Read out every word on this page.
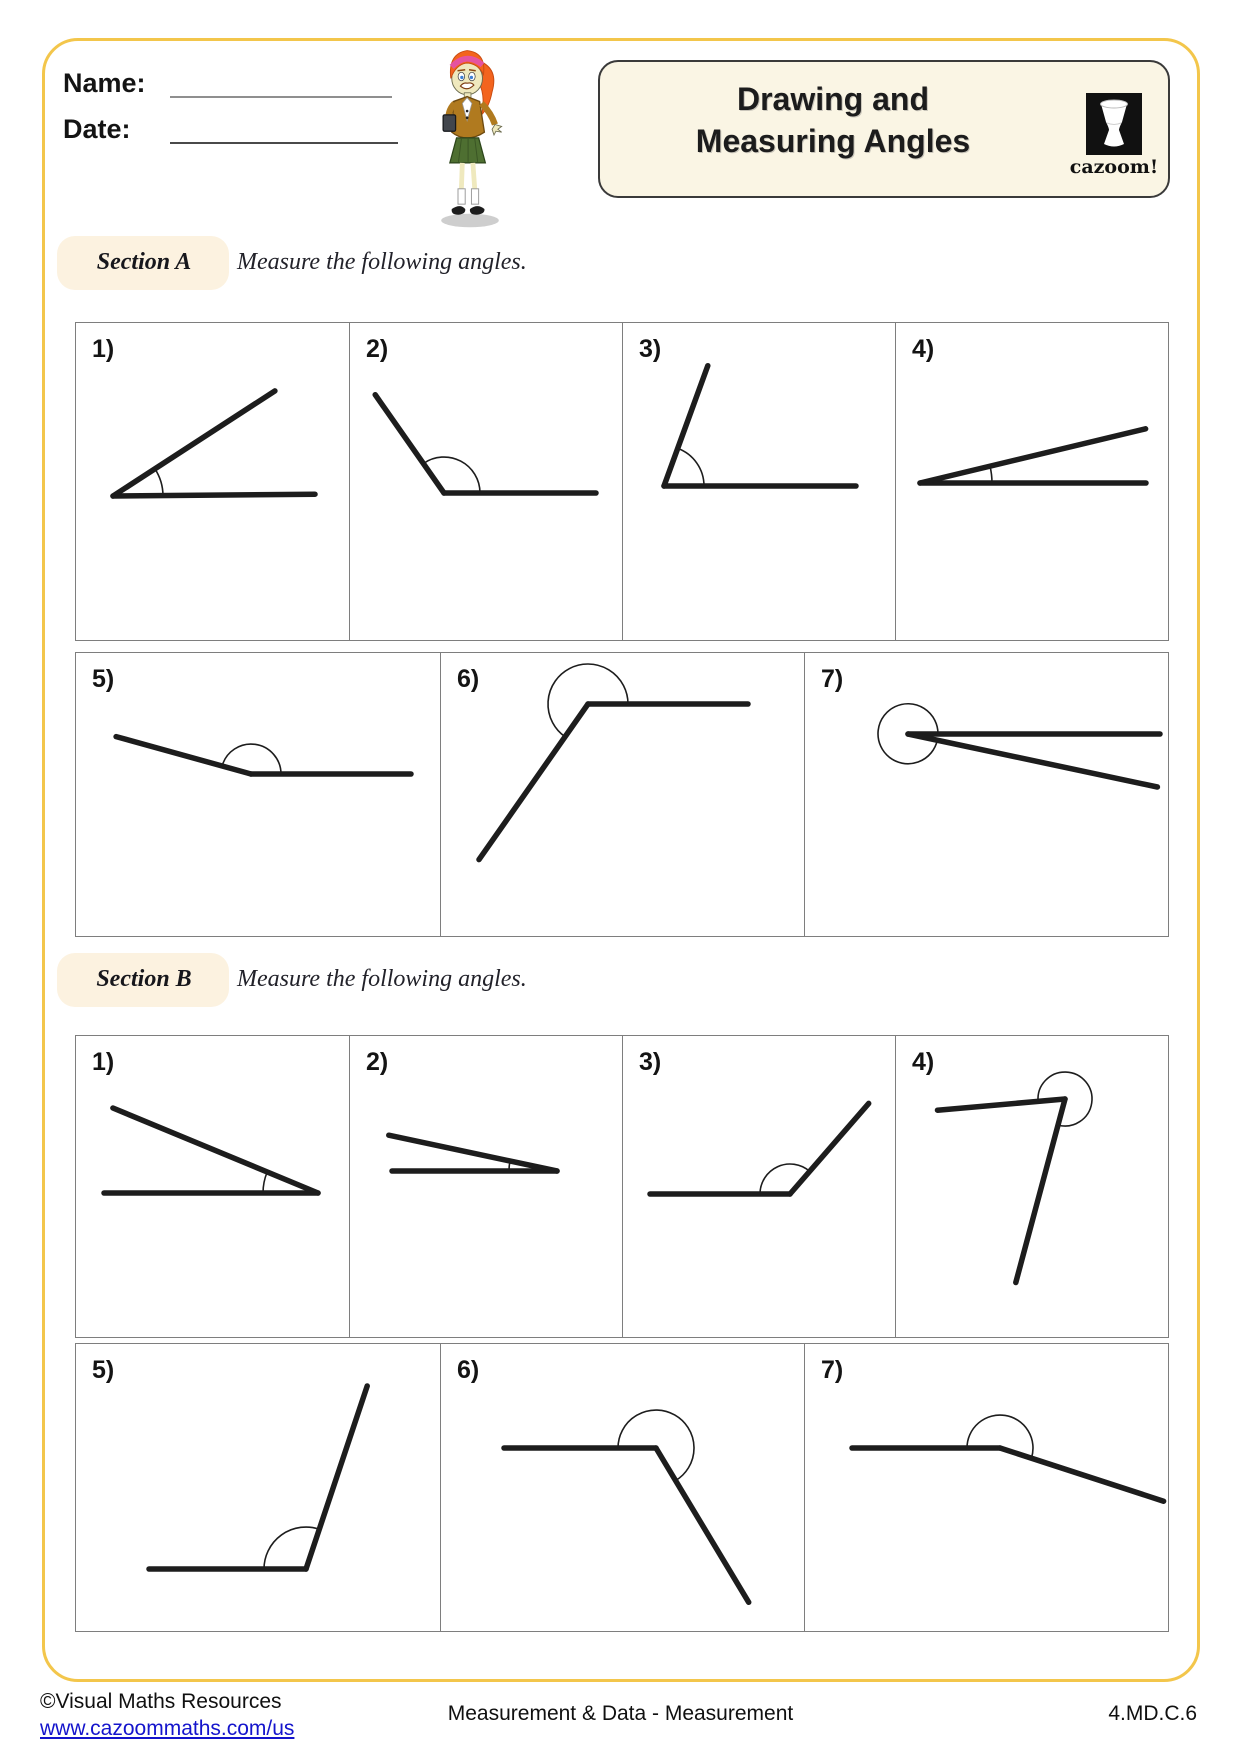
Name:
Date:
Drawing and
Measuring Angles
cazoom!
Section A	Measure the following angles.
Section B	Measure the following angles.
©Visual Maths Resources
www.cazoommaths.com/us
Measurement & Data - Measurement	4.MD.C.6
1)	2)	3)	4)
5)	6)	7)
1)	2)	3)	4)
5)	6)	7)
